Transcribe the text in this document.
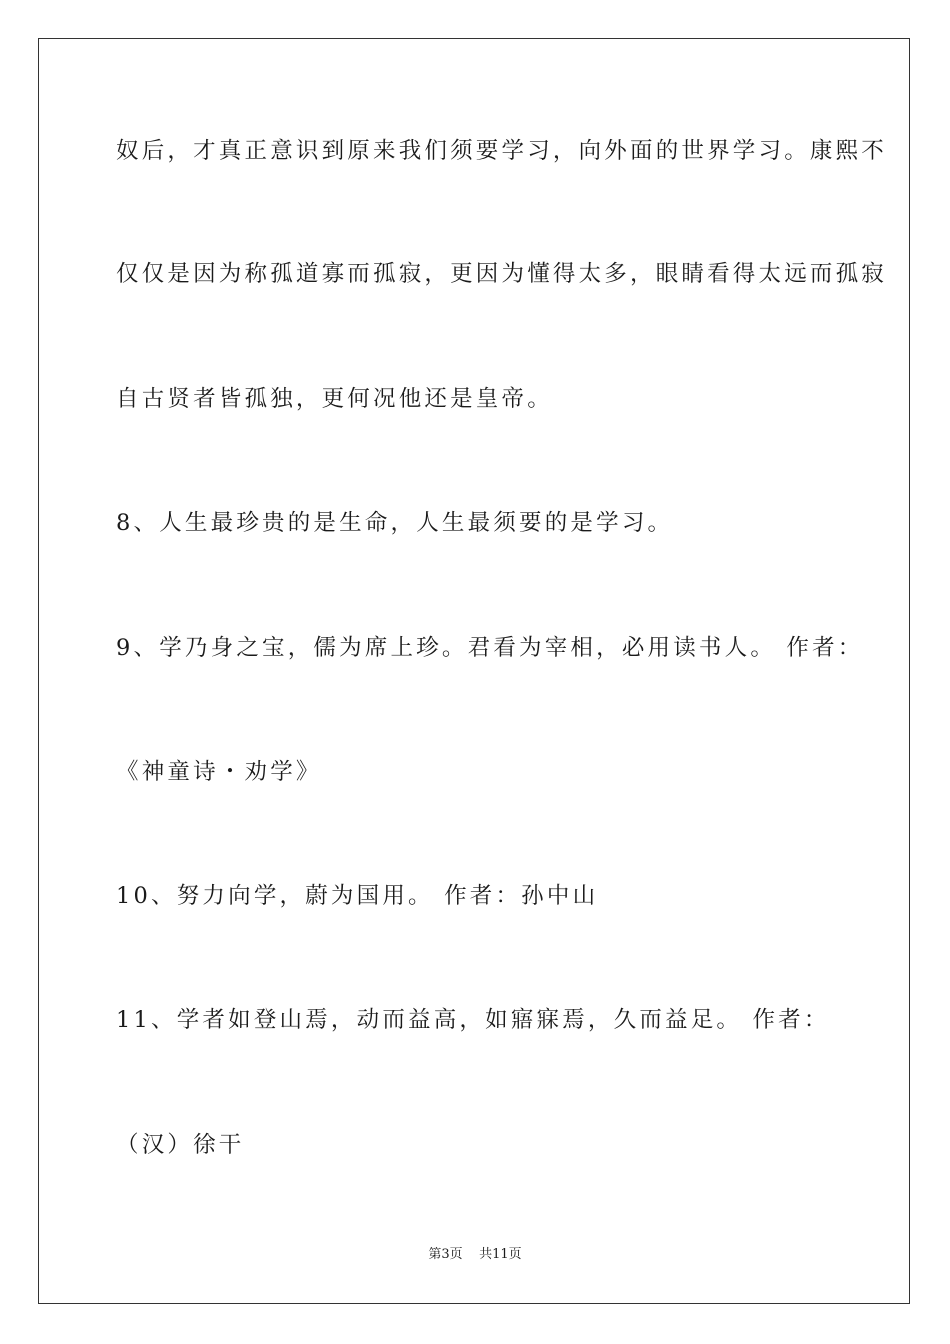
奴后，才真正意识到原来我们须要学习，向外面的世界学习。康熙不
仅仅是因为称孤道寡而孤寂，更因为懂得太多，眼睛看得太远而孤寂
自古贤者皆孤独，更何况他还是皇帝。
8、人生最珍贵的是生命，人生最须要的是学习。
9、学乃身之宝，儒为席上珍。君看为宰相，必用读书人。 作者：
《神童诗・劝学》
10、努力向学，蔚为国用。 作者：孙中山
11、学者如登山焉，动而益高，如寤寐焉，久而益足。 作者：
（汉）徐干
第3页    共11页
